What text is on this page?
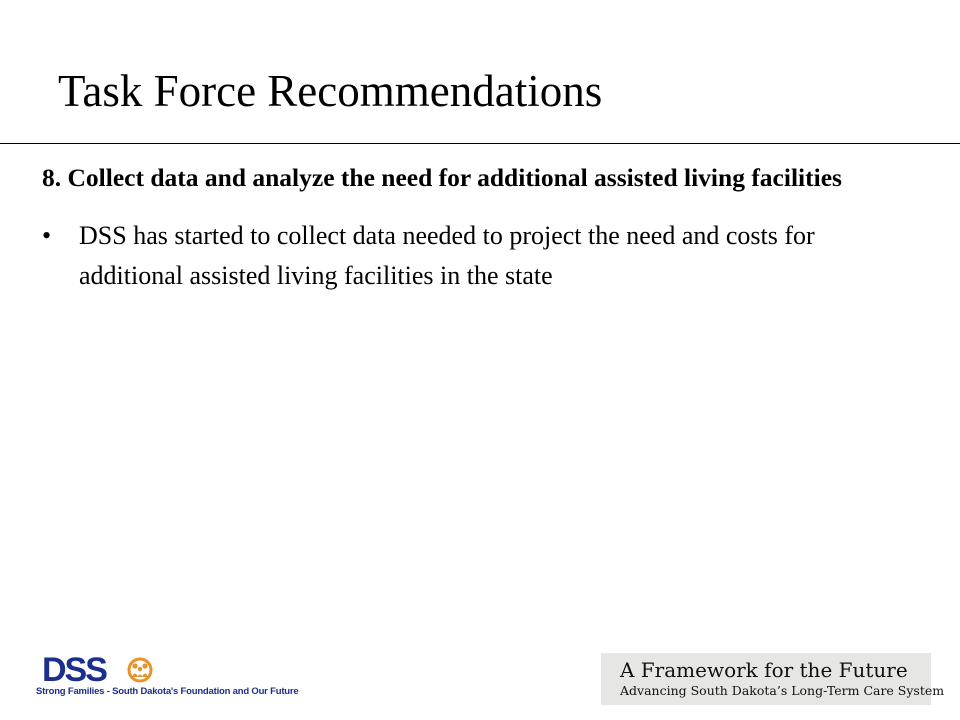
Task Force Recommendations

8. Collect data and analyze the need for additional assisted living facilities

• DSS has started to collect data needed to project the need and costs for additional assisted living facilities in the state
DSS
Strong Families - South Dakota's Foundation and Our Future
A Framework for the Future
Advancing South Dakota’s Long-Term Care System
